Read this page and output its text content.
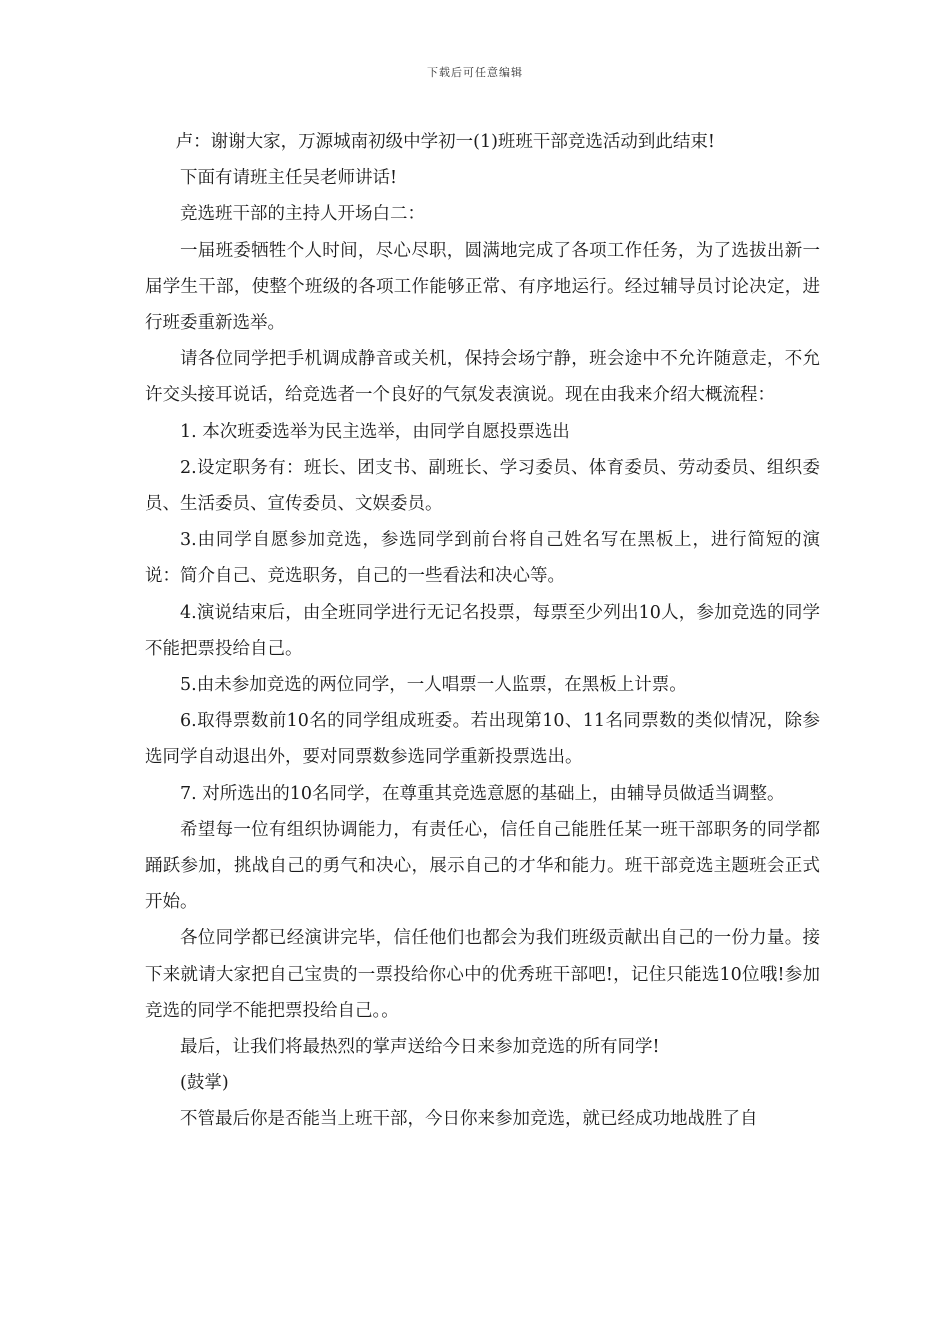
下载后可任意编辑

卢：谢谢大家，万源城南初级中学初一(1)班班干部竞选活动到此结束!

下面有请班主任吴老师讲话!

竞选班干部的主持人开场白二：

一届班委牺牲个人时间，尽心尽职，圆满地完成了各项工作任务，为了选拔出新一届学生干部，使整个班级的各项工作能够正常、有序地运行。经过辅导员讨论决定，进行班委重新选举。

请各位同学把手机调成静音或关机，保持会场宁静，班会途中不允许随意走，不允许交头接耳说话，给竞选者一个良好的气氛发表演说。现在由我来介绍大概流程：

1. 本次班委选举为民主选举，由同学自愿投票选出

2.设定职务有：班长、团支书、副班长、学习委员、体育委员、劳动委员、组织委员、生活委员、宣传委员、文娱委员。

3.由同学自愿参加竞选，参选同学到前台将自己姓名写在黑板上，进行简短的演说：简介自己、竞选职务，自己的一些看法和决心等。

4.演说结束后，由全班同学进行无记名投票，每票至少列出10人，参加竞选的同学不能把票投给自己。

5.由未参加竞选的两位同学，一人唱票一人监票，在黑板上计票。

6.取得票数前10名的同学组成班委。若出现第10、11名同票数的类似情况，除参选同学自动退出外，要对同票数参选同学重新投票选出。

7. 对所选出的10名同学，在尊重其竞选意愿的基础上，由辅导员做适当调整。

希望每一位有组织协调能力，有责任心，信任自己能胜任某一班干部职务的同学都踊跃参加，挑战自己的勇气和决心，展示自己的才华和能力。班干部竞选主题班会正式开始。

各位同学都已经演讲完毕，信任他们也都会为我们班级贡献出自己的一份力量。接下来就请大家把自己宝贵的一票投给你心中的优秀班干部吧!，记住只能选10位哦!参加竞选的同学不能把票投给自己。。

最后，让我们将最热烈的掌声送给今日来参加竞选的所有同学!

(鼓掌)

不管最后你是否能当上班干部，今日你来参加竞选，就已经成功地战胜了自
